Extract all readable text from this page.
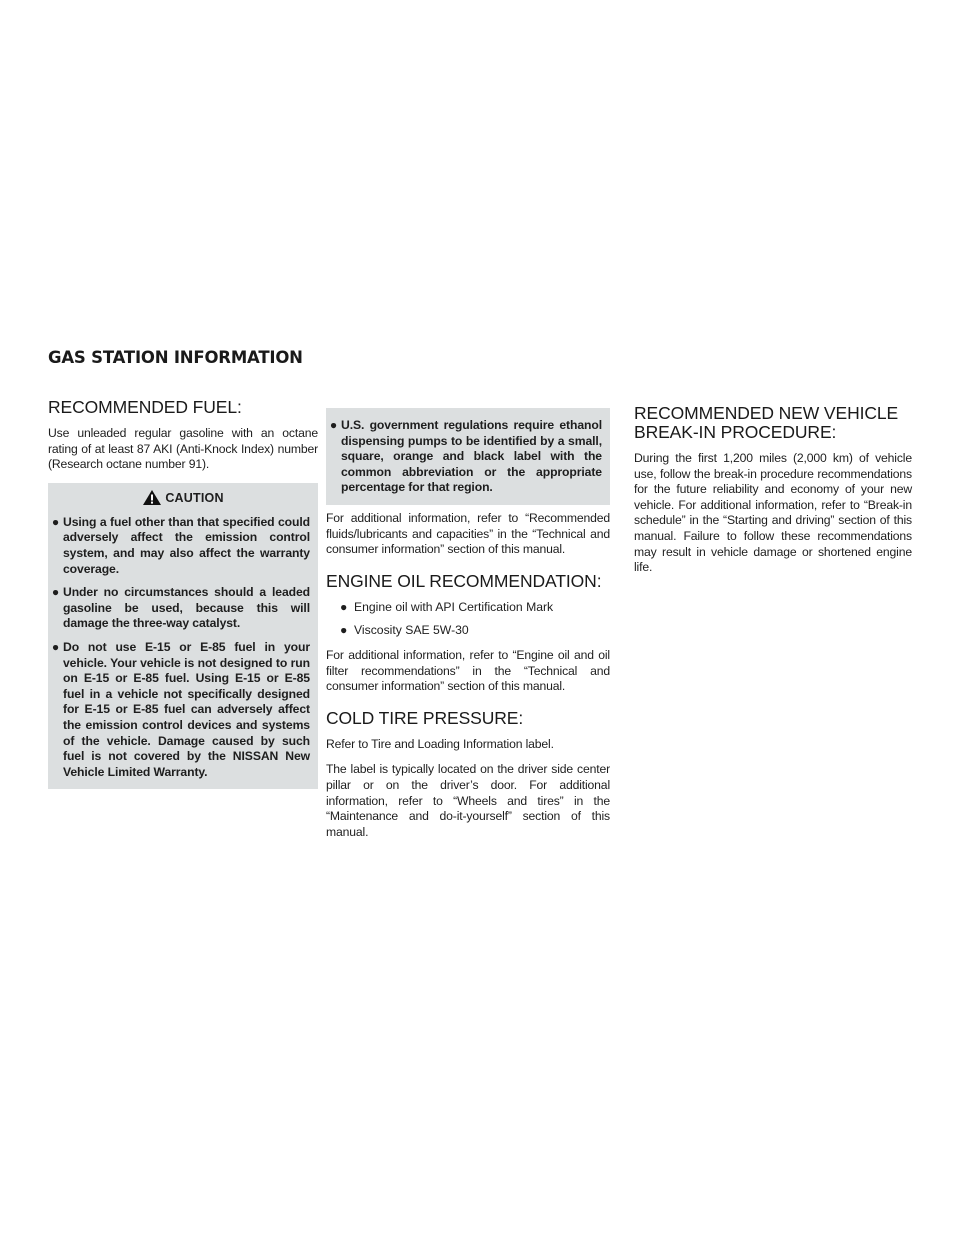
GAS STATION INFORMATION
RECOMMENDED FUEL:

Use unleaded regular gasoline with an octane rating of at least 87 AKI (Anti-Knock Index) number (Research octane number 91).

CAUTION
● Using a fuel other than that specified could adversely affect the emission control system, and may also affect the warranty coverage.
● Under no circumstances should a leaded gasoline be used, because this will damage the three-way catalyst.
● Do not use E-15 or E-85 fuel in your vehicle. Your vehicle is not designed to run on E-15 or E-85 fuel. Using E-15 or E-85 fuel in a vehicle not specifically designed for E-15 or E-85 fuel can adversely affect the emission control devices and systems of the vehicle. Damage caused by such fuel is not covered by the NISSAN New Vehicle Limited Warranty.
● U.S. government regulations require ethanol dispensing pumps to be identified by a small, square, orange and black label with the common abbreviation or the appropriate percentage for that region.

For additional information, refer to “Recommended fluids/lubricants and capacities” in the “Technical and consumer information” section of this manual.

ENGINE OIL RECOMMENDATION:
● Engine oil with API Certification Mark
● Viscosity SAE 5W-30

For additional information, refer to “Engine oil and oil filter recommendations” in the “Technical and consumer information” section of this manual.

COLD TIRE PRESSURE:

Refer to Tire and Loading Information label.

The label is typically located on the driver side center pillar or on the driver’s door. For additional information, refer to “Wheels and tires” in the “Maintenance and do-it-yourself” section of this manual.

RECOMMENDED NEW VEHICLE
BREAK-IN PROCEDURE:

During the first 1,200 miles (2,000 km) of vehicle use, follow the break-in procedure recommendations for the future reliability and economy of your new vehicle. For additional information, refer to “Break-in schedule” in the “Starting and driving” section of this manual. Failure to follow these recommendations may result in vehicle damage or shortened engine life.
